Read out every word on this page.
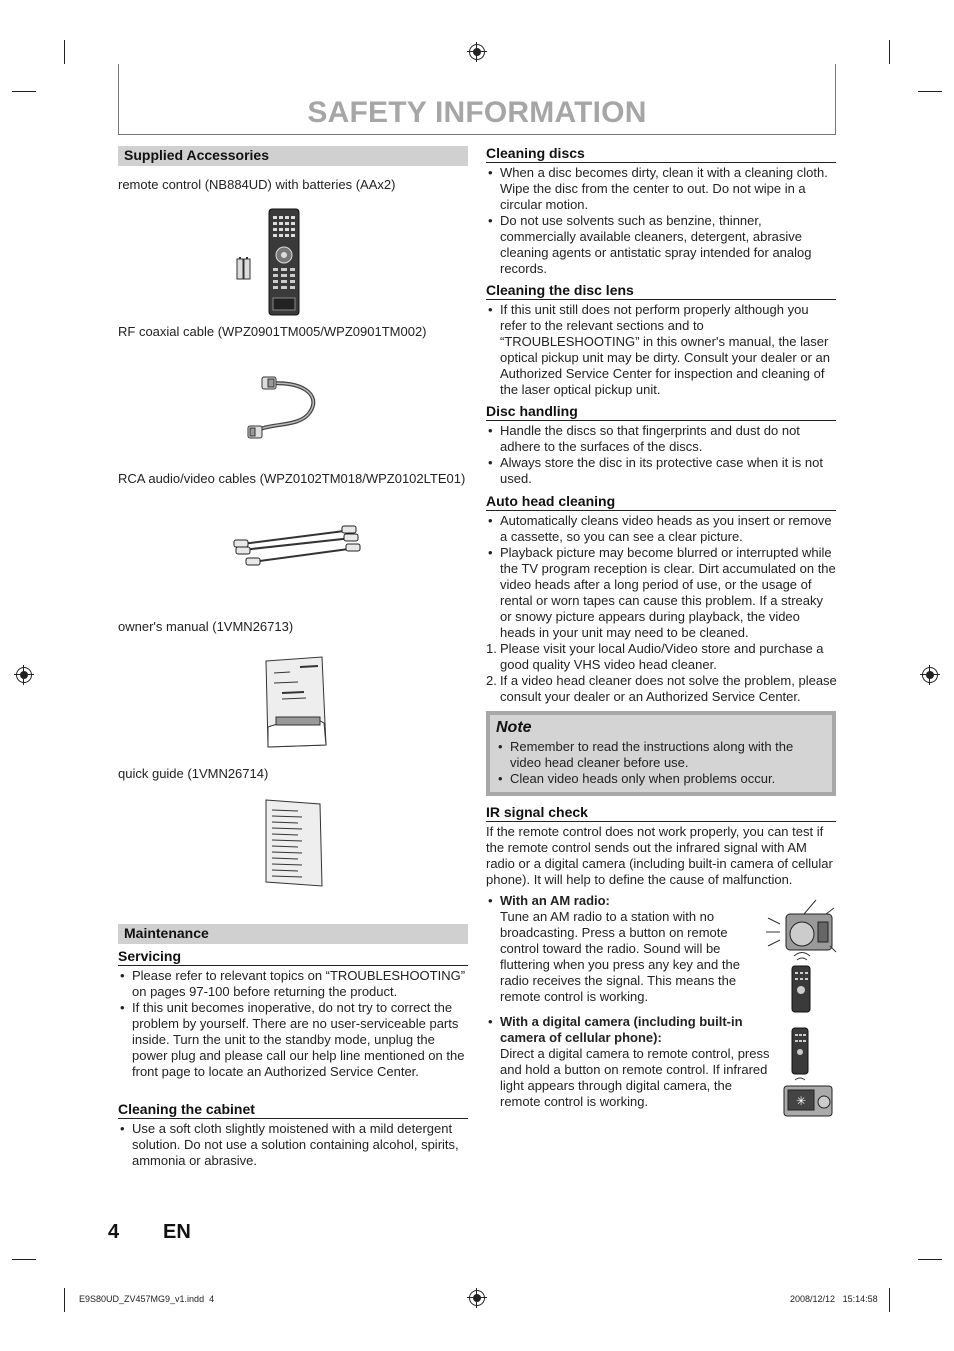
SAFETY INFORMATION
Supplied Accessories
remote control (NB884UD) with batteries (AAx2)
RF coaxial cable (WPZ0901TM005/WPZ0901TM002)
RCA audio/video cables (WPZ0102TM018/WPZ0102LTE01)
owner's manual (1VMN26713)
quick guide (1VMN26714)
Maintenance
Servicing
• Please refer to relevant topics on “TROUBLESHOOTING” on pages 97-100 before returning the product.
• If this unit becomes inoperative, do not try to correct the problem by yourself. There are no user-serviceable parts inside. Turn the unit to the standby mode, unplug the power plug and please call our help line mentioned on the front page to locate an Authorized Service Center.
Cleaning the cabinet
• Use a soft cloth slightly moistened with a mild detergent solution. Do not use a solution containing alcohol, spirits, ammonia or abrasive.
Cleaning discs
• When a disc becomes dirty, clean it with a cleaning cloth. Wipe the disc from the center to out. Do not wipe in a circular motion.
• Do not use solvents such as benzine, thinner, commercially available cleaners, detergent, abrasive cleaning agents or antistatic spray intended for analog records.
Cleaning the disc lens
• If this unit still does not perform properly although you refer to the relevant sections and to “TROUBLESHOOTING” in this owner's manual, the laser optical pickup unit may be dirty. Consult your dealer or an Authorized Service Center for inspection and cleaning of the laser optical pickup unit.
Disc handling
• Handle the discs so that fingerprints and dust do not adhere to the surfaces of the discs.
• Always store the disc in its protective case when it is not used.
Auto head cleaning
• Automatically cleans video heads as you insert or remove a cassette, so you can see a clear picture.
• Playback picture may become blurred or interrupted while the TV program reception is clear. Dirt accumulated on the video heads after a long period of use, or the usage of rental or worn tapes can cause this problem. If a streaky or snowy picture appears during playback, the video heads in your unit may need to be cleaned.
1. Please visit your local Audio/Video store and purchase a good quality VHS video head cleaner.
2. If a video head cleaner does not solve the problem, please consult your dealer or an Authorized Service Center.
Note
• Remember to read the instructions along with the video head cleaner before use.
• Clean video heads only when problems occur.
IR signal check
If the remote control does not work properly, you can test if the remote control sends out the infrared signal with AM radio or a digital camera (including built-in camera of cellular phone). It will help to define the cause of malfunction.
• With an AM radio:
Tune an AM radio to a station with no broadcasting. Press a button on remote control toward the radio. Sound will be fluttering when you press any key and the radio receives the signal. This means the remote control is working.
• With a digital camera (including built-in camera of cellular phone):
Direct a digital camera to remote control, press and hold a button on remote control. If infrared light appears through digital camera, the remote control is working.	✳
4 EN
E9S80UD_ZV457MG9_v1.indd 4	2008/12/12 15:14:58
